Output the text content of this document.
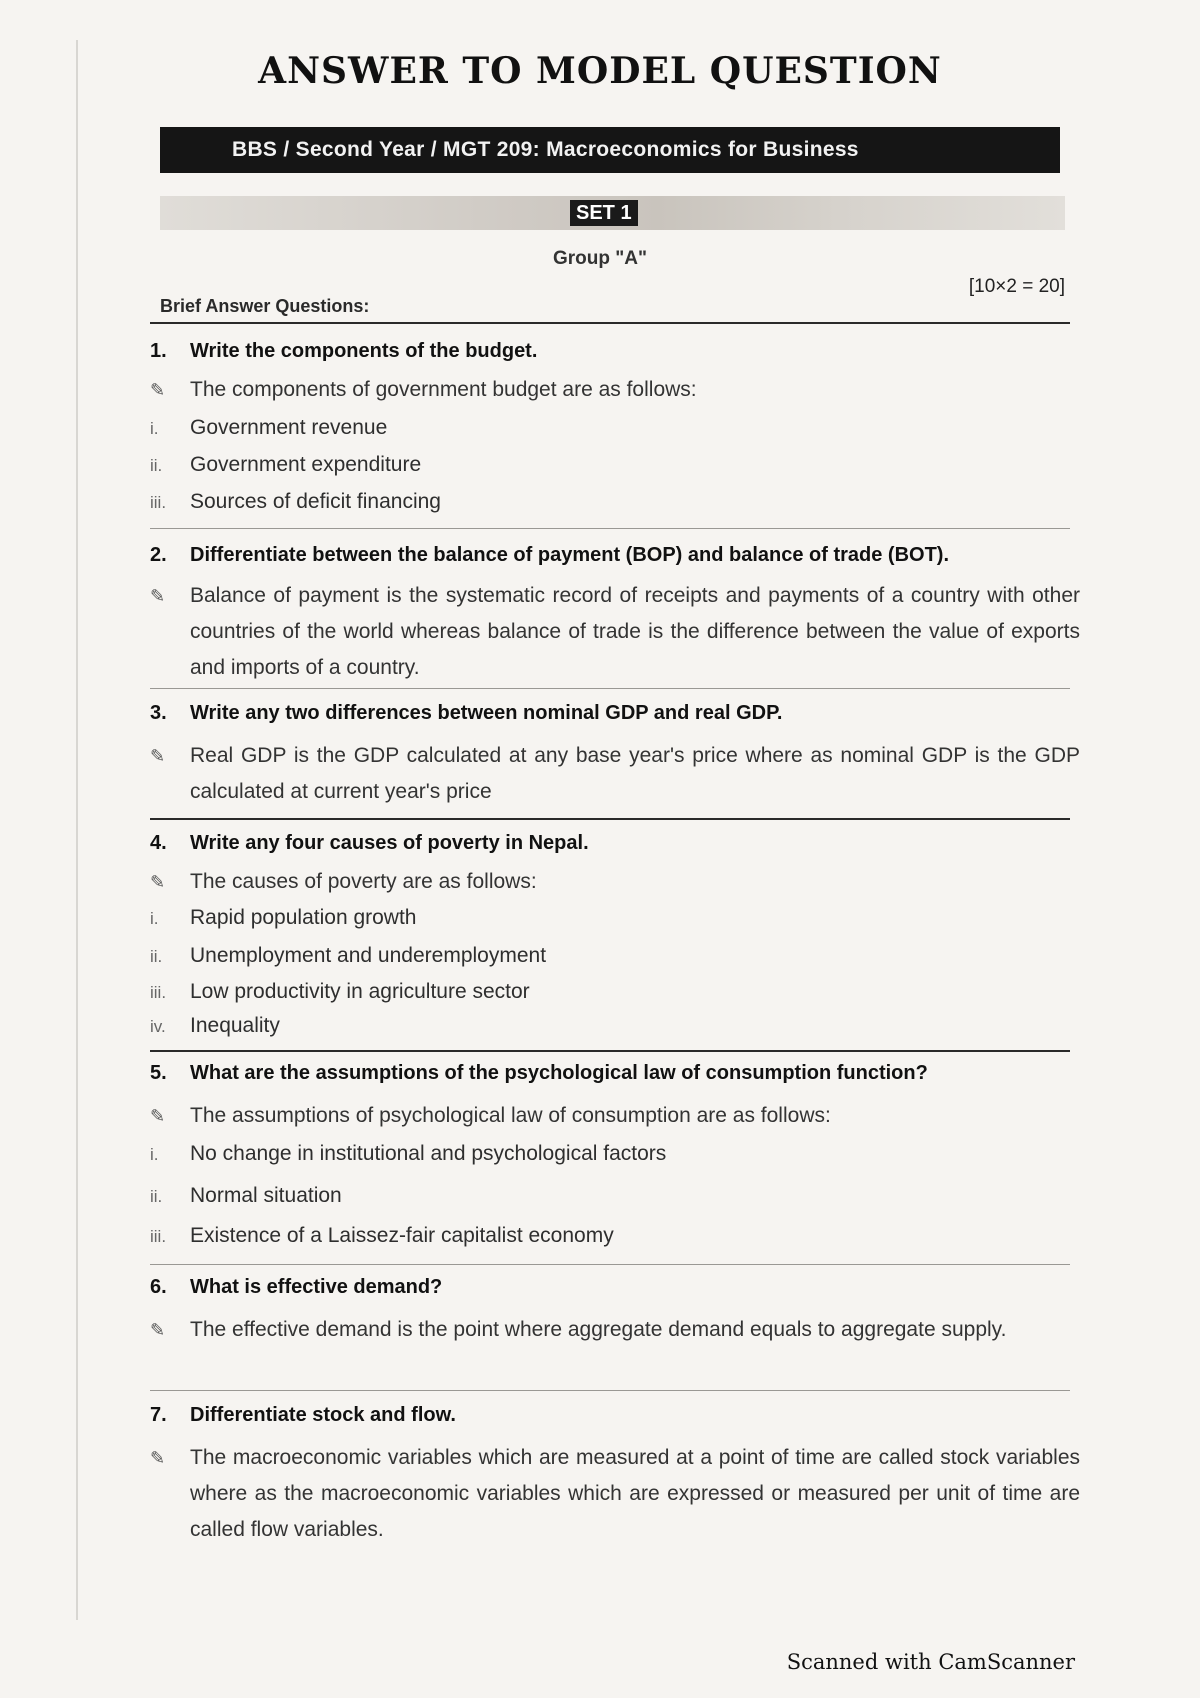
ANSWER TO MODEL QUESTION
BBS / Second Year / MGT 209: Macroeconomics for Business
SET 1
Group "A"
[10×2 = 20]
Brief Answer Questions:
1.	Write the components of the budget.
✎	The components of government budget are as follows:
i.	Government revenue
ii.	Government expenditure
iii.	Sources of deficit financing
2.	Differentiate between the balance of payment (BOP) and balance of trade (BOT).
✎	Balance of payment is the systematic record of receipts and payments of a country with other countries of the world whereas balance of trade is the difference between the value of exports and imports of a country.
3.	Write any two differences between nominal GDP and real GDP.
✎	Real GDP is the GDP calculated at any base year's price where as nominal GDP is the GDP calculated at current year's price
4.	Write any four causes of poverty in Nepal.
✎	The causes of poverty are as follows:
i.	Rapid population growth
ii.	Unemployment and underemployment
iii.	Low productivity in agriculture sector
iv.	Inequality
5.	What are the assumptions of the psychological law of consumption function?
✎	The assumptions of psychological law of consumption are as follows:
i.	No change in institutional and psychological factors
ii.	Normal situation
iii.	Existence of a Laissez-fair capitalist economy
6.	What is effective demand?
✎	The effective demand is the point where aggregate demand equals to aggregate supply.
7.	Differentiate stock and flow.
✎	The macroeconomic variables which are measured at a point of time are called stock variables where as the macroeconomic variables which are expressed or measured per unit of time are called flow variables.
Scanned with CamScanner
